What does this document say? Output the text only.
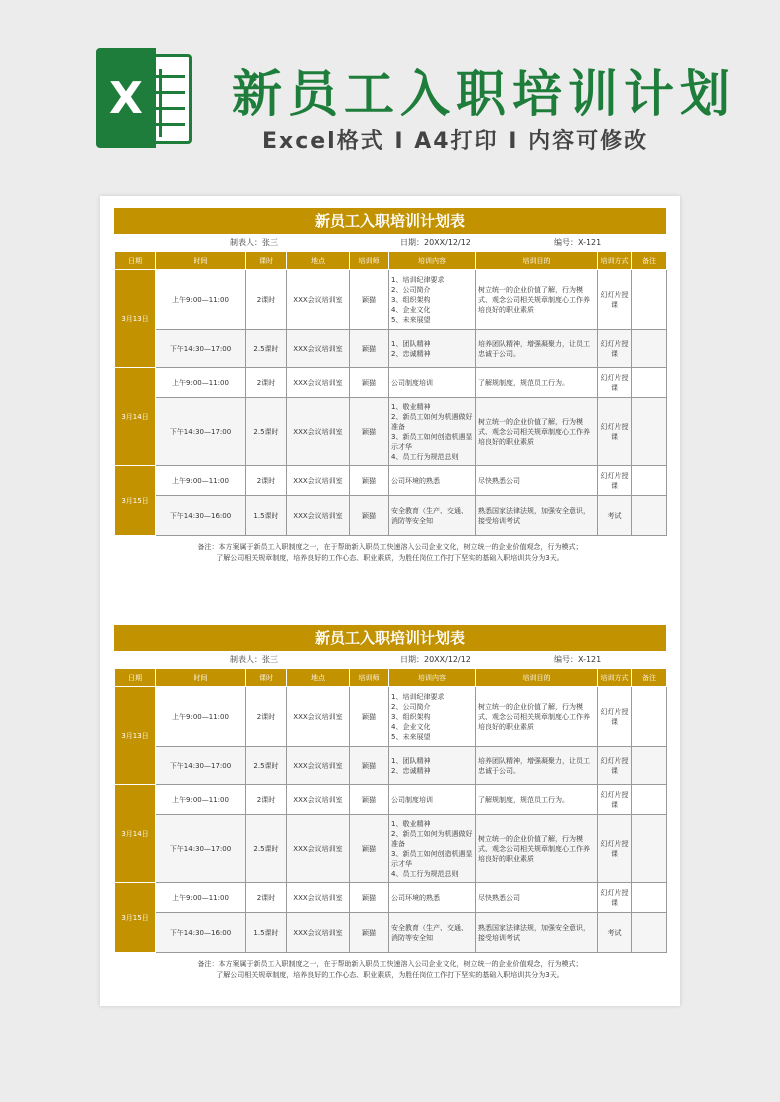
X 新员工入职培训计划
Excel格式 I A4打印 I 内容可修改
新员工入职培训计划表
制表人：张三	日期：20XX/12/12	编号：X-121
日期	时间	课时	地点	培训师	培训内容	培训目的	培训方式	备注
3月13日	上午9:00—11:00	2课时	XXX会议培训室	颖猫	1、培训纪律要求
2、公司简介
3、组织架构
4、企业文化
5、未来展望	树立统一的企业价值了解，行为模式、观念公司相关规章制度心工作养培良好的职业素质	幻灯片授课	
	下午14:30—17:00	2.5课时	XXX会议培训室	颖猫	1、团队精神
2、忠诚精神	培养团队精神，增强凝聚力，让员工忠诚于公司。	幻灯片授课	
3月14日	上午9:00—11:00	2课时	XXX会议培训室	颖猫	公司制度培训	了解规制度，规范员工行为。	幻灯片授课	
	下午14:30—17:00	2.5课时	XXX会议培训室	颖猫	1、敬业精神
2、新员工如何为机遇做好准备
3、新员工如何创造机遇显示才华
4、员工行为规范总则	树立统一的企业价值了解，行为模式、观念公司相关规章制度心工作养培良好的职业素质	幻灯片授课	
3月15日	上午9:00—11:00	2课时	XXX会议培训室	颖猫	公司环境的熟悉	尽快熟悉公司	幻灯片授课	
	下午14:30—16:00	1.5课时	XXX会议培训室	颖猫	安全教育（生产、交通、消防等安全知	熟悉国家法律法规，加强安全意识，接受培训考试	考试	

备注：本方案属于新员工入职制度之一，在于帮助新入职员工快速溶入公司企业文化，树立统一的企业价值观念，行为模式；

了解公司相关规章制度，培养良好的工作心态、职业素质，为胜任岗位工作打下坚实的基础入职培训共分为3天。

新员工入职培训计划表
制表人：张三	日期：20XX/12/12	编号：X-121
日期	时间	课时	地点	培训师	培训内容	培训目的	培训方式	备注
3月13日	上午9:00—11:00	2课时	XXX会议培训室	颖猫	1、培训纪律要求
2、公司简介
3、组织架构
4、企业文化
5、未来展望	树立统一的企业价值了解，行为模式、观念公司相关规章制度心工作养培良好的职业素质	幻灯片授课	
	下午14:30—17:00	2.5课时	XXX会议培训室	颖猫	1、团队精神
2、忠诚精神	培养团队精神，增强凝聚力，让员工忠诚于公司。	幻灯片授课	
3月14日	上午9:00—11:00	2课时	XXX会议培训室	颖猫	公司制度培训	了解规制度，规范员工行为。	幻灯片授课	
	下午14:30—17:00	2.5课时	XXX会议培训室	颖猫	1、敬业精神
2、新员工如何为机遇做好准备
3、新员工如何创造机遇显示才华
4、员工行为规范总则	树立统一的企业价值了解，行为模式、观念公司相关规章制度心工作养培良好的职业素质	幻灯片授课	
3月15日	上午9:00—11:00	2课时	XXX会议培训室	颖猫	公司环境的熟悉	尽快熟悉公司	幻灯片授课	
	下午14:30—16:00	1.5课时	XXX会议培训室	颖猫	安全教育（生产、交通、消防等安全知	熟悉国家法律法规，加强安全意识，接受培训考试	考试	

备注：本方案属于新员工入职制度之一，在于帮助新入职员工快速溶入公司企业文化，树立统一的企业价值观念，行为模式；

了解公司相关规章制度，培养良好的工作心态、职业素质，为胜任岗位工作打下坚实的基础入职培训共分为3天。
